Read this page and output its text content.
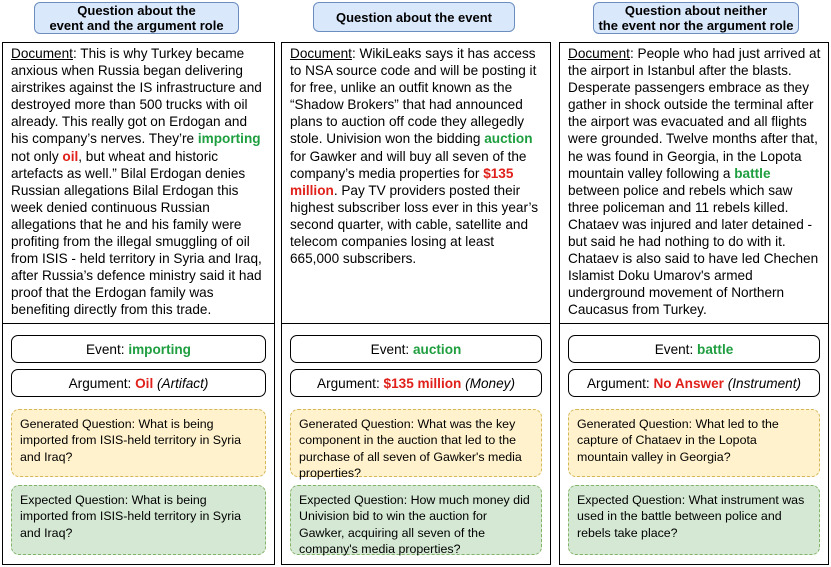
Question about the
event and the argument role
Document: This is why Turkey became anxious when Russia began delivering airstrikes against the IS infrastructure and destroyed more than 500 trucks with oil already. This really got on Erdogan and his company’s nerves. They’re importing not only oil, but wheat and historic artefacts as well.” Bilal Erdogan denies Russian allegations Bilal Erdogan this week denied continuous Russian allegations that he and his family were profiting from the illegal smuggling of oil from ISIS - held territory in Syria and Iraq, after Russia’s defence ministry said it had proof that the Erdogan family was benefiting directly from this trade.
Event:
importing
Argument:
Oil
(Artifact)
Generated Question: What is being imported from ISIS-held territory in Syria and Iraq?
Expected Question: What is being imported from ISIS-held territory in Syria and Iraq?
Question about the event
Document: WikiLeaks says it has access to NSA source code and will be posting it for free, unlike an outfit known as the “Shadow Brokers” that had announced plans to auction off code they allegedly stole. Univision won the bidding auction for Gawker and will buy all seven of the company’s media properties for $135 million. Pay TV providers posted their highest subscriber loss ever in this year’s second quarter, with cable, satellite and telecom companies losing at least 665,000 subscribers.
Event:
auction
Argument:
$135 million
(Money)
Generated Question: What was the key component in the auction that led to the purchase of all seven of Gawker's media properties?
Expected Question: How much money did Univision bid to win the auction for Gawker, acquiring all seven of the company's media properties?
Question about neither
the event nor the argument role
Document: People who had just arrived at the airport in Istanbul after the blasts. Desperate passengers embrace as they gather in shock outside the terminal after the airport was evacuated and all flights were grounded. Twelve months after that, he was found in Georgia, in the Lopota mountain valley following a battle between police and rebels which saw three policeman and 11 rebels killed. Chataev was injured and later detained - but said he had nothing to do with it. Chataev is also said to have led Chechen Islamist Doku Umarov's armed underground movement of Northern Caucasus from Turkey.
Event:
battle
Argument:
No Answer
(Instrument)
Generated Question: What led to the capture of Chataev in the Lopota mountain valley in Georgia?
Expected Question: What instrument was used in the battle between police and rebels take place?
